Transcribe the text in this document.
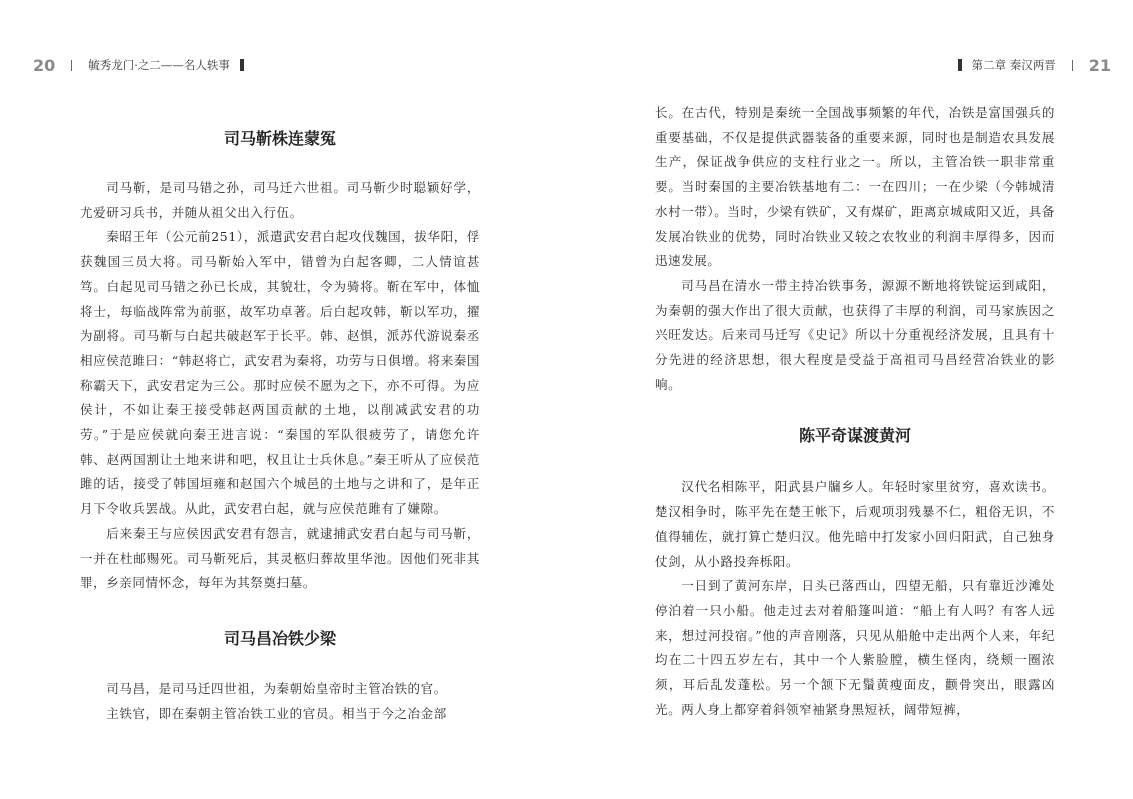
20	毓秀龙门·之二——名人轶事	第二章 秦汉两晋 21
司马靳株连蒙冤

司马靳，是司马错之孙，司马迁六世祖。司马靳少时聪颖好学，尤爱研习兵书，并随从祖父出入行伍。

秦昭王年（公元前251），派遣武安君白起攻伐魏国，拔华阳，俘获魏国三员大将。司马靳始入军中，错曾为白起客卿，二人情谊甚笃。白起见司马错之孙已长成，其貌壮，令为骑将。靳在军中，体恤将士，每临战阵常为前驱，故军功卓著。后白起攻韩，靳以军功，擢为副将。司马靳与白起共破赵军于长平。韩、赵惧，派苏代游说秦丞相应侯范雎曰：“韩赵将亡，武安君为秦将，功劳与日俱增。将来秦国称霸天下，武安君定为三公。那时应侯不愿为之下，亦不可得。为应侯计，不如让秦王接受韩赵两国贡献的土地，以削减武安君的功劳。”于是应侯就向秦王进言说：“秦国的军队很疲劳了，请您允许韩、赵两国割让土地来讲和吧，权且让士兵休息。”秦王听从了应侯范雎的话，接受了韩国垣雍和赵国六个城邑的土地与之讲和了，是年正月下令收兵罢战。从此，武安君白起，就与应侯范雎有了嫌隙。

后来秦王与应侯因武安君有怨言，就逮捕武安君白起与司马靳，一并在杜邮赐死。司马靳死后，其灵柩归葬故里华池。因他们死非其罪，乡亲同情怀念，每年为其祭奠扫墓。

司马昌冶铁少梁

司马昌，是司马迁四世祖，为秦朝始皇帝时主管冶铁的官。

主铁官，即在秦朝主管冶铁工业的官员。相当于今之冶金部

长。在古代，特别是秦统一全国战事频繁的年代，冶铁是富国强兵的重要基础，不仅是提供武器装备的重要来源，同时也是制造农具发展生产，保证战争供应的支柱行业之一。所以，主管冶铁一职非常重要。当时秦国的主要冶铁基地有二：一在四川；一在少梁（今韩城清水村一带）。当时，少梁有铁矿，又有煤矿，距离京城咸阳又近，具备发展冶铁业的优势，同时冶铁业又较之农牧业的利润丰厚得多，因而迅速发展。

司马昌在清水一带主持冶铁事务，源源不断地将铁锭运到咸阳，为秦朝的强大作出了很大贡献，也获得了丰厚的利润，司马家族因之兴旺发达。后来司马迁写《史记》所以十分重视经济发展，且具有十分先进的经济思想，很大程度是受益于高祖司马昌经营冶铁业的影响。

陈平奇谋渡黄河

汉代名相陈平，阳武县户牖乡人。年轻时家里贫穷，喜欢读书。楚汉相争时，陈平先在楚王帐下，后观项羽残暴不仁，粗俗无识，不值得辅佐，就打算亡楚归汉。他先暗中打发家小回归阳武，自己独身仗剑，从小路投奔栎阳。

一日到了黄河东岸，日头已落西山，四望无船，只有靠近沙滩处停泊着一只小船。他走过去对着船篷叫道：“船上有人吗？有客人远来，想过河投宿。”他的声音刚落，只见从船舱中走出两个人来，年纪均在二十四五岁左右，其中一个人紫脸膛，横生怪肉，绕颊一圈浓须，耳后乱发蓬松。另一个颔下无鬚黄瘦面皮，颧骨突出，眼露凶光。两人身上都穿着斜领窄袖紧身黑短袄，阔带短裤，
